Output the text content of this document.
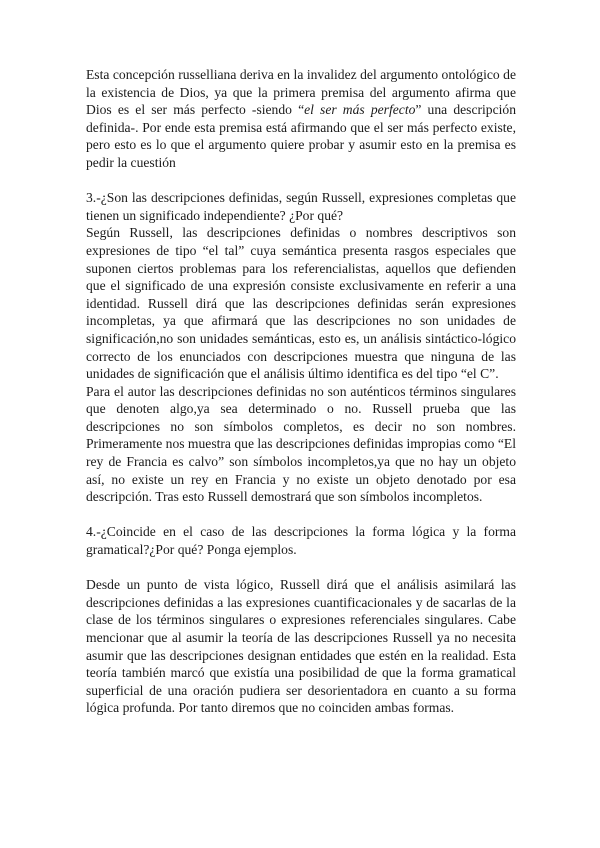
Esta concepción russelliana deriva en la invalidez del argumento ontológico de la existencia de Dios, ya que la primera premisa del argumento afirma que Dios es el ser más perfecto -siendo “el ser más perfecto” una descripción definida-. Por ende esta premisa está afirmando que el ser más perfecto existe, pero esto es lo que el argumento quiere probar y asumir esto en la premisa es pedir la cuestión

3.-¿Son las descripciones definidas, según Russell, expresiones completas que tienen un significado independiente? ¿Por qué?

Según Russell, las descripciones definidas o nombres descriptivos son expresiones de tipo “el tal” cuya semántica presenta rasgos especiales que suponen ciertos problemas para los referencialistas, aquellos que defienden que el significado de una expresión consiste exclusivamente en referir a una identidad. Russell dirá que las descripciones definidas serán expresiones incompletas, ya que afirmará que las descripciones no son unidades de significación,no son unidades semánticas, esto es, un análisis sintáctico-lógico correcto de los enunciados con descripciones muestra que ninguna de las unidades de significación que el análisis último identifica es del tipo “el C”.

Para el autor las descripciones definidas no son auténticos términos singulares que denoten algo,ya sea determinado o no. Russell prueba que las descripciones no son símbolos completos, es decir no son nombres. Primeramente nos muestra que las descripciones definidas impropias como “El rey de Francia es calvo” son símbolos incompletos,ya que no hay un objeto así, no existe un rey en Francia y no existe un objeto denotado por esa descripción. Tras esto Russell demostrará que son símbolos incompletos.

4.-¿Coincide en el caso de las descripciones la forma lógica y la forma gramatical?¿Por qué? Ponga ejemplos.

Desde un punto de vista lógico, Russell dirá que el análisis asimilará las descripciones definidas a las expresiones cuantificacionales y de sacarlas de la clase de los términos singulares o expresiones referenciales singulares. Cabe mencionar que al asumir la teoría de las descripciones Russell ya no necesita asumir que las descripciones designan entidades que estén en la realidad. Esta teoría también marcó que existía una posibilidad de que la forma gramatical superficial de una oración pudiera ser desorientadora en cuanto a su forma lógica profunda. Por tanto diremos que no coinciden ambas formas.
